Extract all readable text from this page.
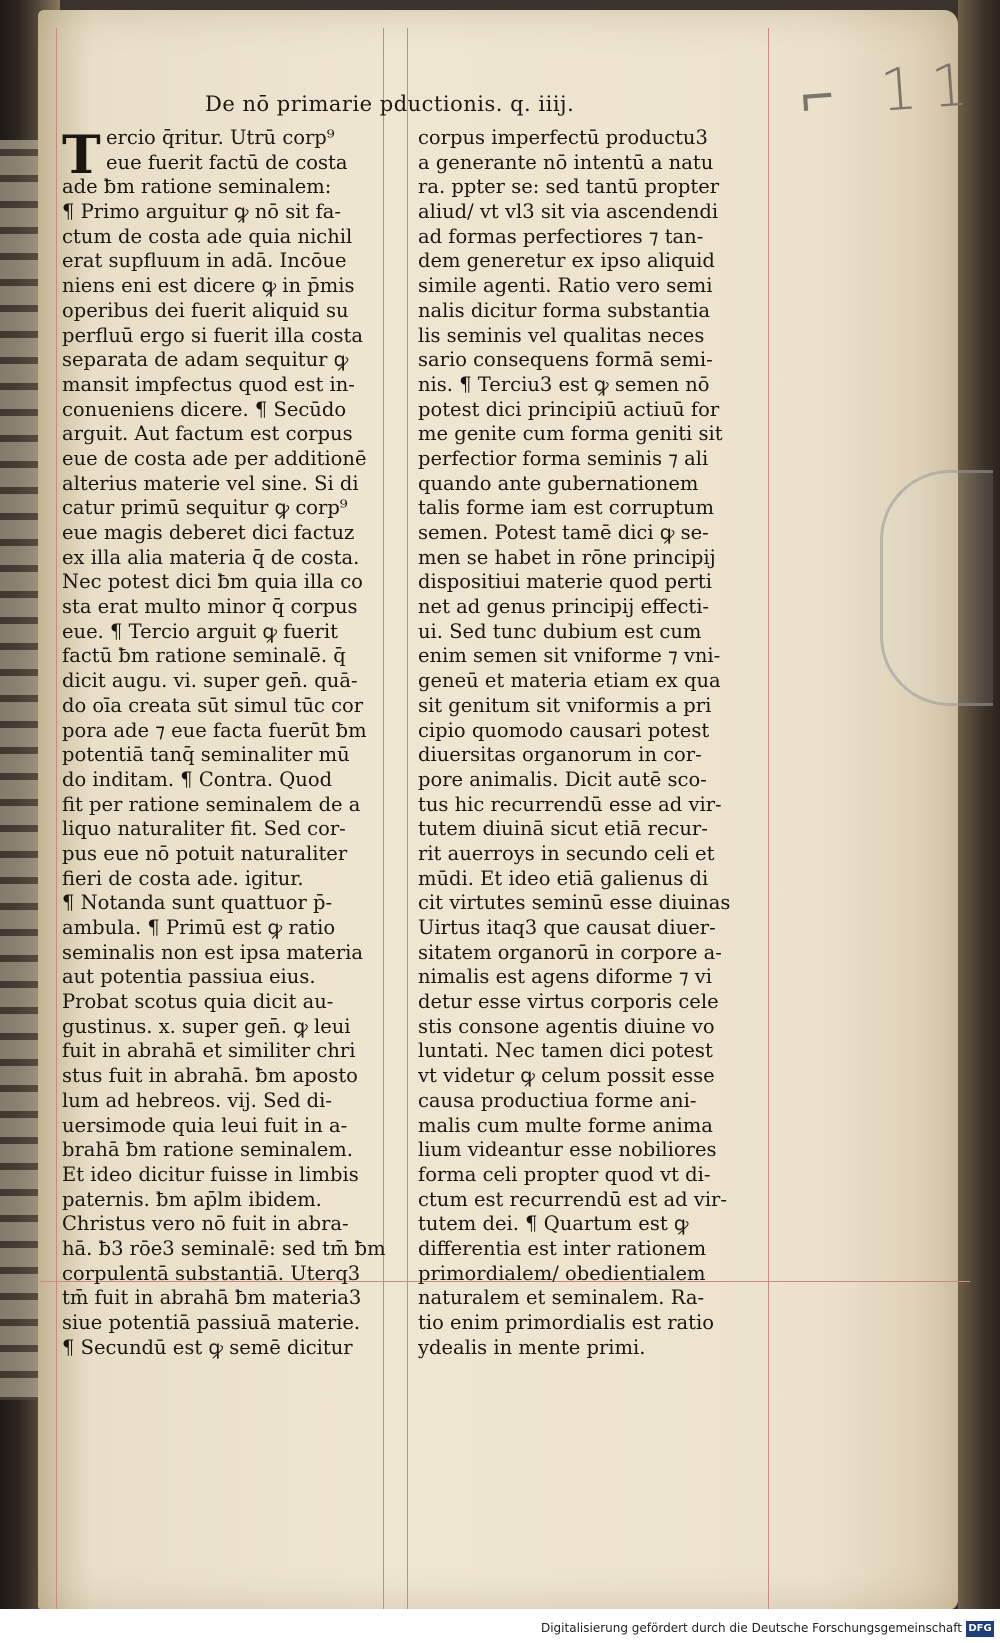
De nō primarie pductionis. q. iiij.	⌐ 11
T ercio q̄ritur. Utrū corp⁹
eue fuerit factū de costa
ade ƀm ratione seminalem:
¶ Primo arguitur ꝙ nō sit fa-
ctum de costa ade quia nichil
erat supfluum in adā. Incōue
niens eni est dicere ꝙ in p̄mis
operibus dei fuerit aliquid su
perfluū ergo si fuerit illa costa
separata de adam sequitur ꝙ
mansit impfectus quod est in-
conueniens dicere. ¶ Secūdo
arguit. Aut factum est corpus
eue de costa ade per additionē
alterius materie vel sine. Si di
catur primū sequitur ꝙ corp⁹
eue magis deberet dici factuz
ex illa alia materia q̄ de costa.
Nec potest dici ƀm quia illa co
sta erat multo minor q̄ corpus
eue. ¶ Tercio arguit ꝙ fuerit
factū ƀm ratione seminalē. q̄
dicit augu. vi. super gen̄. quā-
do oīa creata sūt simul tūc cor
pora ade ⁊ eue facta fuerūt ƀm
potentiā tanq̄ seminaliter mū
do inditam. ¶ Contra. Quod
fit per ratione seminalem de a
liquo naturaliter fit. Sed cor-
pus eue nō potuit naturaliter
fieri de costa ade. igitur.
¶ Notanda sunt quattuor p̄-
ambula. ¶ Primū est ꝙ ratio
seminalis non est ipsa materia
aut potentia passiua eius.
Probat scotus quia dicit au-
gustinus. x. super gen̄. ꝙ leui
fuit in abrahā et similiter chri
stus fuit in abrahā. ƀm aposto
lum ad hebreos. vij. Sed di-
uersimode quia leui fuit in a-
brahā ƀm ratione seminalem.
Et ideo dicitur fuisse in limbis
paternis. ƀm ap̄lm ibidem.
Christus vero nō fuit in abra-
hā. ƀ3 rōe3 seminalē: sed tm̄ ƀm
corpulentā substantiā. Uterq3
tm̄ fuit in abrahā ƀm materia3
siue potentiā passiuā materie.
¶ Secundū est ꝙ semē dicitur
corpus imperfectū productu3
a generante nō intentū a natu
ra. ppter se: sed tantū propter
aliud/ vt vl3 sit via ascendendi
ad formas perfectiores ⁊ tan-
dem generetur ex ipso aliquid
simile agenti. Ratio vero semi
nalis dicitur forma substantia
lis seminis vel qualitas neces
sario consequens formā semi-
nis. ¶ Terciu3 est ꝙ semen nō
potest dici principiū actiuū for
me genite cum forma geniti sit
perfectior forma seminis ⁊ ali
quando ante gubernationem
talis forme iam est corruptum
semen. Potest tamē dici ꝙ se-
men se habet in rōne principij
dispositiui materie quod perti
net ad genus principij effecti-
ui. Sed tunc dubium est cum
enim semen sit vniforme ⁊ vni-
geneū et materia etiam ex qua
sit genitum sit vniformis a pri
cipio quomodo causari potest
diuersitas organorum in cor-
pore animalis. Dicit autē sco-
tus hic recurrendū esse ad vir-
tutem diuinā sicut etiā recur-
rit auerroys in secundo celi et
mūdi. Et ideo etiā galienus di
cit virtutes seminū esse diuinas
Uirtus itaq3 que causat diuer-
sitatem organorū in corpore a-
nimalis est agens diforme ⁊ vi
detur esse virtus corporis cele
stis consone agentis diuine vo
luntati. Nec tamen dici potest
vt videtur ꝙ celum possit esse
causa productiua forme ani-
malis cum multe forme anima
lium videantur esse nobiliores
forma celi propter quod vt di-
ctum est recurrendū est ad vir-
tutem dei. ¶ Quartum est ꝙ
differentia est inter rationem
primordialem/ obedientialem
naturalem et seminalem. Ra-
tio enim primordialis est ratio
ydealis in mente primi.
Digitalisierung gefördert durch die Deutsche Forschungsgemeinschaft DFG
